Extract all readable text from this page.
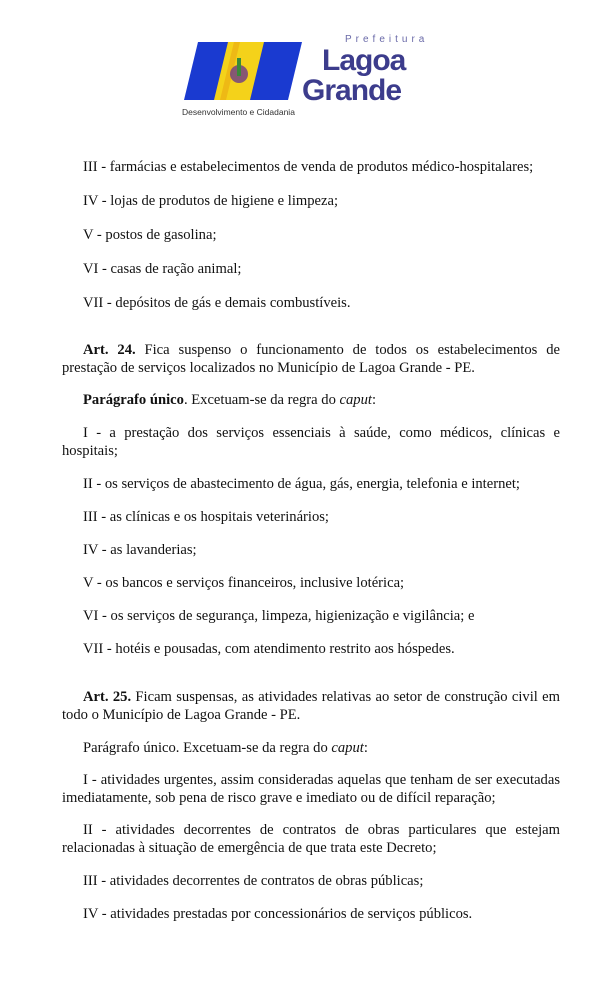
Prefeitura
Lagoa
Grande
Desenvolvimento e Cidadania

III - farmácias e estabelecimentos de venda de produtos médico-hospitalares;

IV - lojas de produtos de higiene e limpeza;

V - postos de gasolina;

VI - casas de ração animal;

VII - depósitos de gás e demais combustíveis.

Art. 24. Fica suspenso o funcionamento de todos os estabelecimentos de prestação de serviços localizados no Município de Lagoa Grande - PE.

Parágrafo único. Excetuam-se da regra do caput:

I - a prestação dos serviços essenciais à saúde, como médicos, clínicas e hospitais;

II - os serviços de abastecimento de água, gás, energia, telefonia e internet;

III - as clínicas e os hospitais veterinários;

IV - as lavanderias;

V - os bancos e serviços financeiros, inclusive lotérica;

VI - os serviços de segurança, limpeza, higienização e vigilância; e

VII - hotéis e pousadas, com atendimento restrito aos hóspedes.

Art. 25. Ficam suspensas, as atividades relativas ao setor de construção civil em todo o Município de Lagoa Grande - PE.

Parágrafo único. Excetuam-se da regra do caput:

I - atividades urgentes, assim consideradas aquelas que tenham de ser executadas imediatamente, sob pena de risco grave e imediato ou de difícil reparação;

II - atividades decorrentes de contratos de obras particulares que estejam relacionadas à situação de emergência de que trata este Decreto;

III - atividades decorrentes de contratos de obras públicas;

IV - atividades prestadas por concessionários de serviços públicos.
